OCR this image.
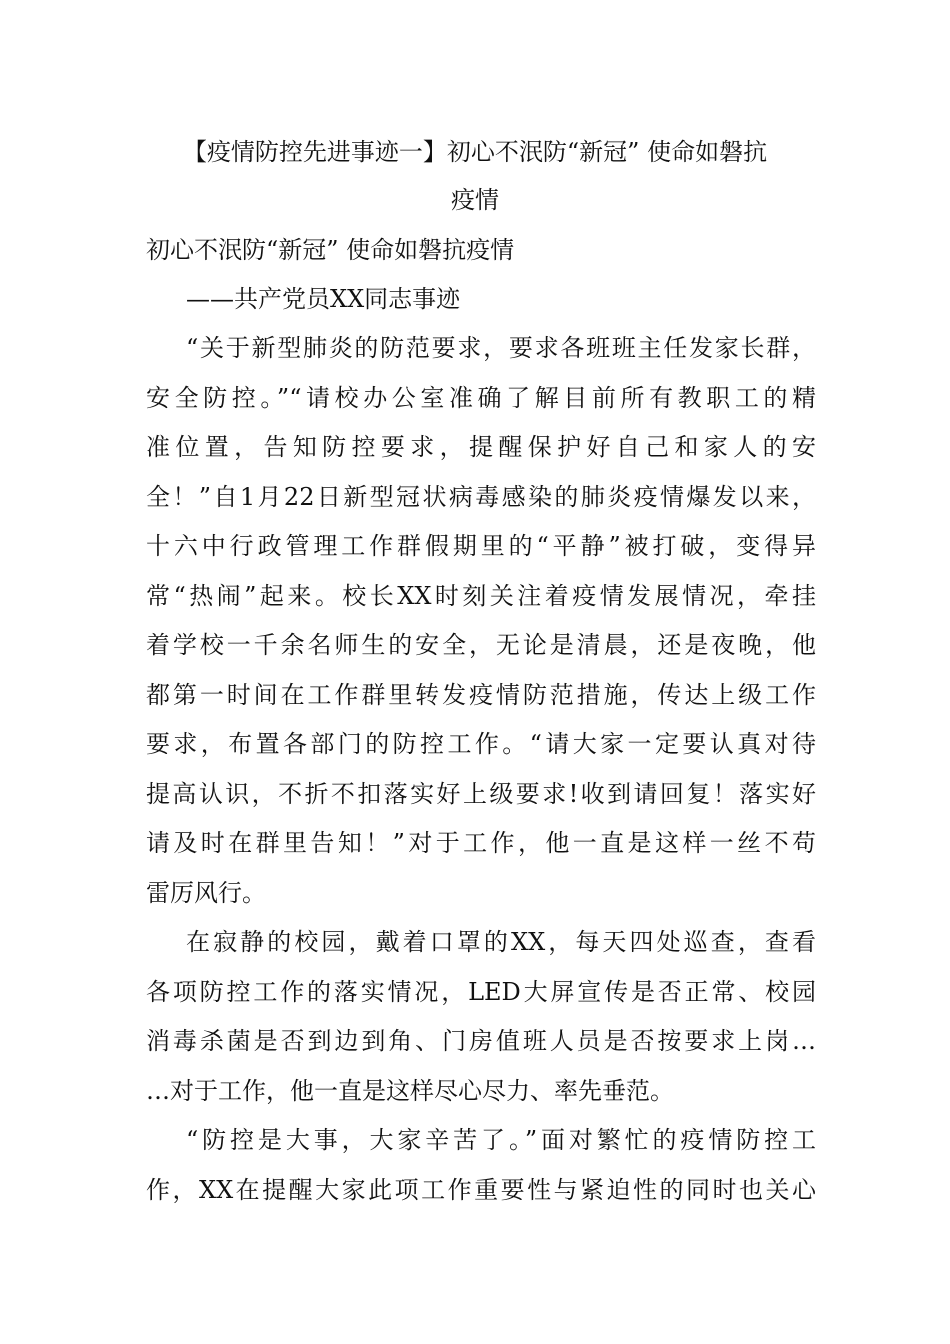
【疫情防控先进事迹一】初心不泯防“新冠” 使命如磐抗
疫情
初心不泯防“新冠” 使命如磐抗疫情
——共产党员XX同志事迹
“关于新型肺炎的防范要求，要求各班班主任发家长群，
安全防控。”“请校办公室准确了解目前所有教职工的精
准位置，告知防控要求，提醒保护好自己和家人的安
全！”自1月22日新型冠状病毒感染的肺炎疫情爆发以来，
十六中行政管理工作群假期里的“平静”被打破，变得异
常“热闹”起来。校长XX时刻关注着疫情发展情况，牵挂
着学校一千余名师生的安全，无论是清晨，还是夜晚，他
都第一时间在工作群里转发疫情防范措施，传达上级工作
要求，布置各部门的防控工作。“请大家一定要认真对待
提高认识，不折不扣落实好上级要求!收到请回复！落实好
请及时在群里告知！”对于工作，他一直是这样一丝不苟
雷厉风行。
在寂静的校园，戴着口罩的XX，每天四处巡查，查看
各项防控工作的落实情况，LED大屏宣传是否正常、校园
消毒杀菌是否到边到角、门房值班人员是否按要求上岗…
…对于工作，他一直是这样尽心尽力、率先垂范。
“防控是大事，大家辛苦了。”面对繁忙的疫情防控工
作，XX在提醒大家此项工作重要性与紧迫性的同时也关心
